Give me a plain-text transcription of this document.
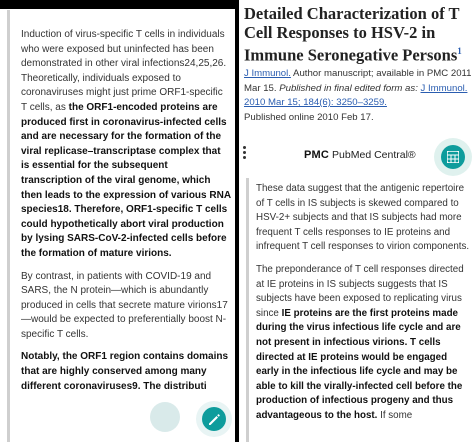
Induction of virus-specific T cells in individuals who were exposed but uninfected has been demonstrated in other viral infections24,25,26. Theoretically, individuals exposed to coronaviruses might just prime ORF1-specific T cells, as the ORF1-encoded proteins are produced first in coronavirus-infected cells and are necessary for the formation of the viral replicase–transcriptase complex that is essential for the subsequent transcription of the viral genome, which then leads to the expression of various RNA species18. Therefore, ORF1-specific T cells could hypothetically abort viral production by lysing SARS-CoV-2-infected cells before the formation of mature virions.

By contrast, in patients with COVID-19 and SARS, the N protein—which is abundantly produced in cells that secrete mature virions17—would be expected to preferentially boost N-specific T cells.

Notably, the ORF1 region contains domains that are highly conserved among many different coronaviruses9. The distributi

Detailed Characterization of T Cell Responses to HSV-2 in Immune Seronegative Persons$^1$
J Immunol. Author manuscript; available in PMC 2011 Mar 15. Published in final edited form as: J Immunol. 2010 Mar 15; 184(6): 3250–3259.
Published online 2010 Feb 17.
PMC PubMed Central®

These data suggest that the antigenic repertoire of T cells in IS subjects is skewed compared to HSV-2+ subjects and that IS subjects had more frequent T cells responses to IE proteins and infrequent T cell responses to virion components.

The preponderance of T cell responses directed at IE proteins in IS subjects suggests that IS subjects have been exposed to replicating virus since IE proteins are the first proteins made during the virus infectious life cycle and are not present in infectious virions. T cells directed at IE proteins would be engaged early in the infectious life cycle and may be able to kill the virally-infected cell before the production of infectious progeny and thus advantageous to the host. If some
